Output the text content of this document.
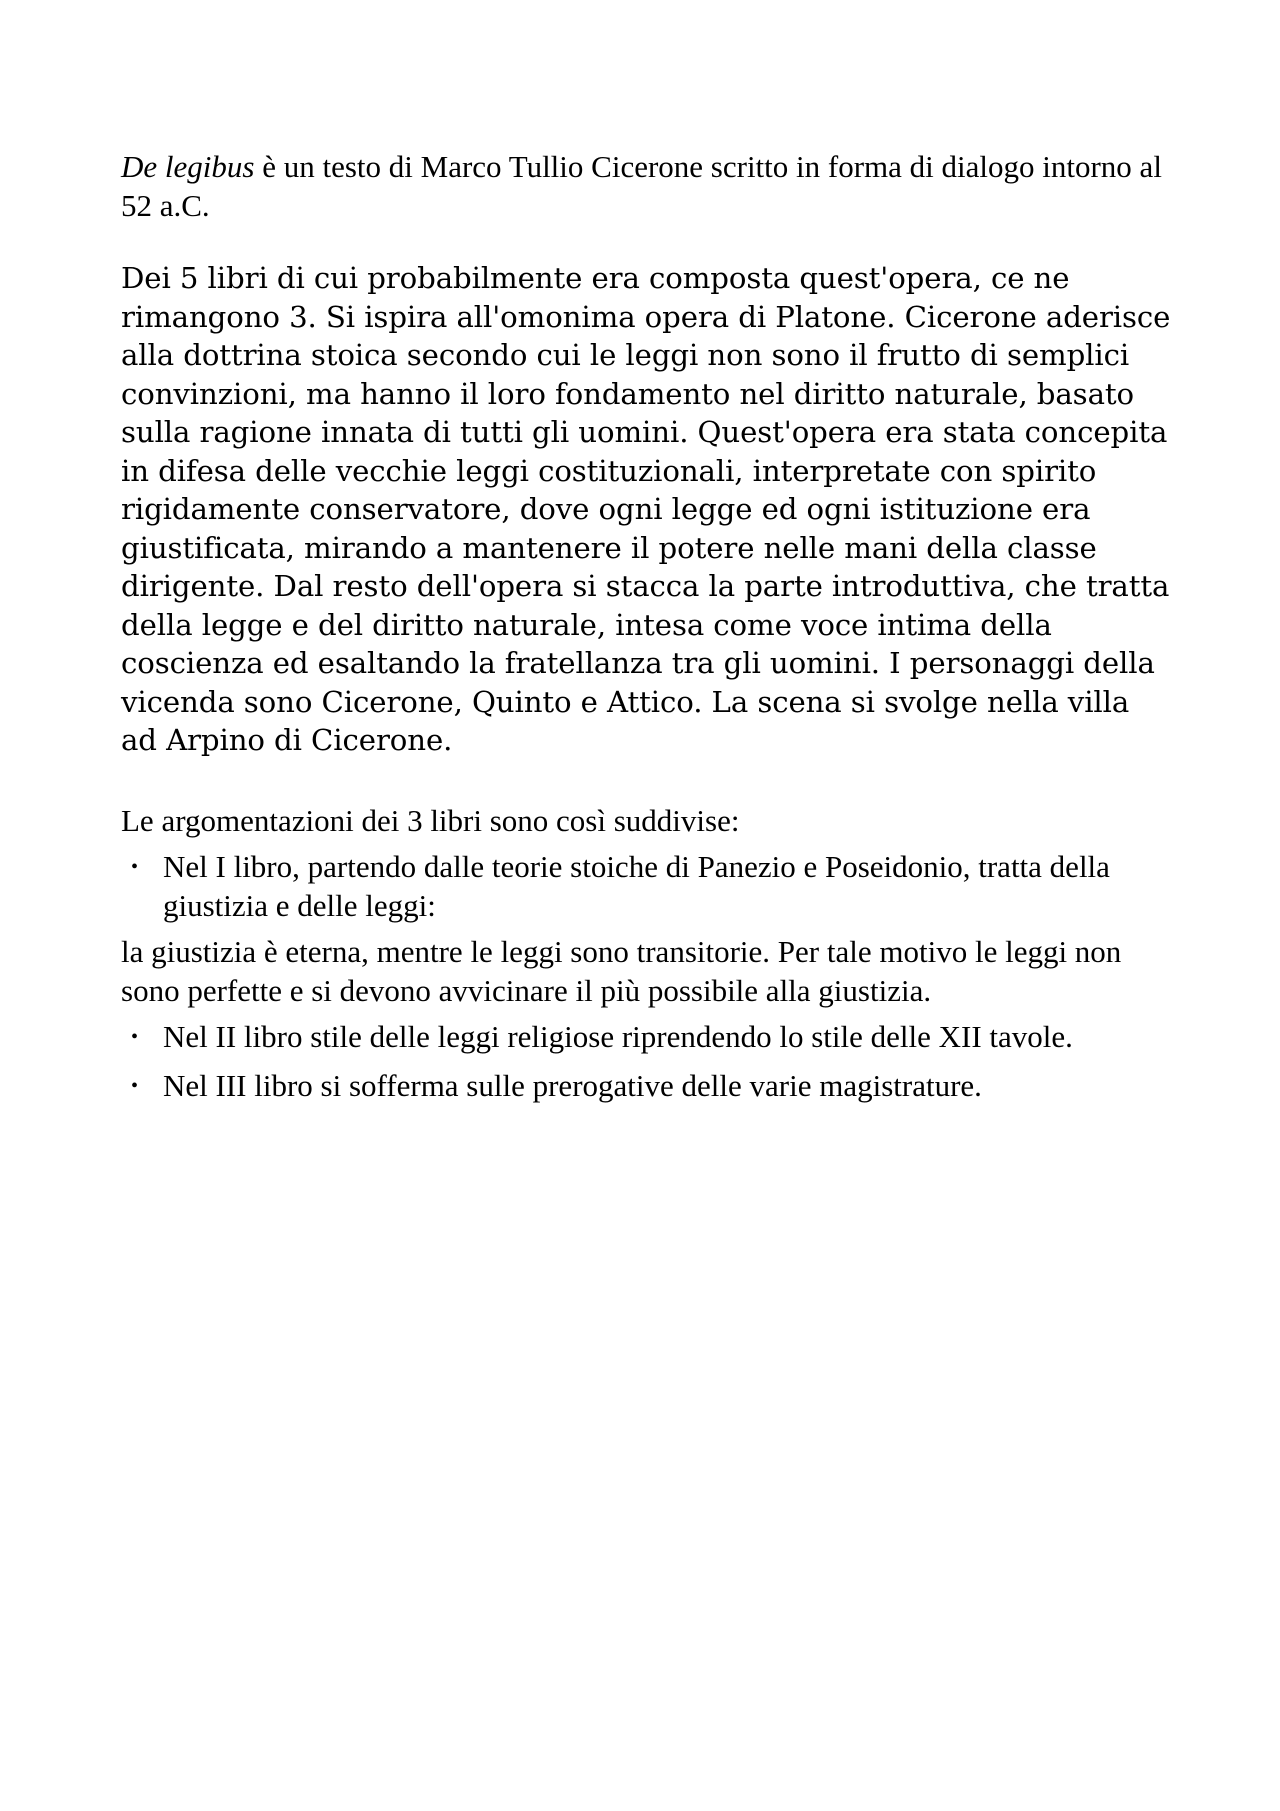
De legibus è un testo di Marco Tullio Cicerone scritto in forma di dialogo intorno al 52 a.C.

Dei 5 libri di cui probabilmente era composta quest'opera, ce ne rimangono 3. Si ispira all'omonima opera di Platone. Cicerone aderisce alla dottrina stoica secondo cui le leggi non sono il frutto di semplici convinzioni, ma hanno il loro fondamento nel diritto naturale, basato sulla ragione innata di tutti gli uomini. Quest'opera era stata concepita in difesa delle vecchie leggi costituzionali, interpretate con spirito rigidamente conservatore, dove ogni legge ed ogni istituzione era giustificata, mirando a mantenere il potere nelle mani della classe dirigente. Dal resto dell'opera si stacca la parte introduttiva, che tratta della legge e del diritto naturale, intesa come voce intima della coscienza ed esaltando la fratellanza tra gli uomini. I personaggi della vicenda sono Cicerone, Quinto e Attico. La scena si svolge nella villa ad Arpino di Cicerone.

Le argomentazioni dei 3 libri sono così suddivise:

• Nel I libro, partendo dalle teorie stoiche di Panezio e Poseidonio, tratta della giustizia e delle leggi:

la giustizia è eterna, mentre le leggi sono transitorie. Per tale motivo le leggi non sono perfette e si devono avvicinare il più possibile alla giustizia.

• Nel II libro stile delle leggi religiose riprendendo lo stile delle XII tavole.
• Nel III libro si sofferma sulle prerogative delle varie magistrature.
